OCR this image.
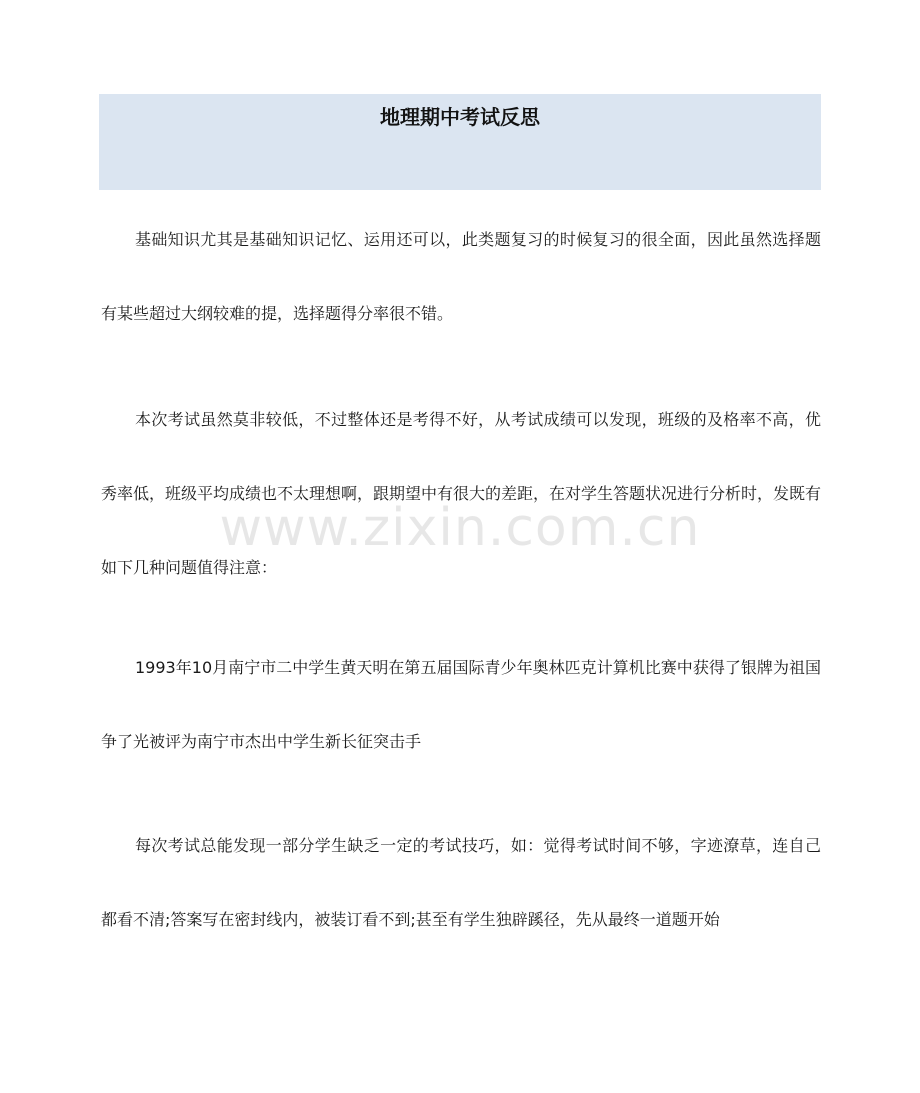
地理期中考试反思

基础知识尤其是基础知识记忆、运用还可以，此类题复习的时候复习的很全面，因此虽然选择题有某些超过大纲较难的提，选择题得分率很不错。

本次考试虽然莫非较低，不过整体还是考得不好，从考试成绩可以发现，班级的及格率不高，优秀率低，班级平均成绩也不太理想啊，跟期望中有很大的差距，在对学生答题状况进行分析时，发既有如下几种问题值得注意：

1993年10月南宁市二中学生黄天明在第五届国际青少年奥林匹克计算机比赛中获得了银牌为祖国争了光被评为南宁市杰出中学生新长征突击手

每次考试总能发现一部分学生缺乏一定的考试技巧，如：觉得考试时间不够，字迹潦草，连自己都看不清;答案写在密封线内，被装订看不到;甚至有学生独辟蹊径，先从最终一道题开始

www.zixin.com.cn
